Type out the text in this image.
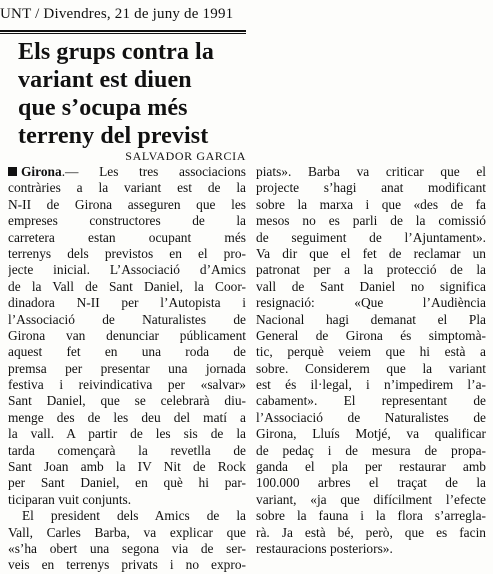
UNT / Divendres, 21 de juny de 1991
Els grups contra la
variant est diuen
que s’ocupa més
terreny del previst
SALVADOR GARCIA
Girona.— Les tres associacions
contràries a la variant est de la
N-II de Girona asseguren que les
empreses constructores de la
carretera estan ocupant més
terrenys dels previstos en el pro-
jecte inicial. L’Associació d’Amics
de la Vall de Sant Daniel, la Coor-
dinadora N-II per l’Autopista i
l’Associació de Naturalistes de
Girona van denunciar públicament
aquest fet en una roda de
premsa per presentar una jornada
festiva i reivindicativa per «salvar»
Sant Daniel, que se celebrarà diu-
menge des de les deu del matí a
la vall. A partir de les sis de la
tarda començarà la revetlla de
Sant Joan amb la IV Nit de Rock
per Sant Daniel, en què hi par-
ticiparan vuit conjunts.
El president dels Amics de la
Vall, Carles Barba, va explicar que
«s’ha obert una segona via de ser-
veis en terrenys privats i no expro-
piats». Barba va criticar que el
projecte s’hagi anat modificant
sobre la marxa i que «des de fa
mesos no es parli de la comissió
de seguiment de l’Ajuntament».
Va dir que el fet de reclamar un
patronat per a la protecció de la
vall de Sant Daniel no significa
resignació: «Que l’Audiència
Nacional hagi demanat el Pla
General de Girona és simptomà-
tic, perquè veiem que hi està a
sobre. Considerem que la variant
est és il·legal, i n’impedirem l’a-
cabament». El representant de
l’Associació de Naturalistes de
Girona, Lluís Motjé, va qualificar
de pedaç i de mesura de propa-
ganda el pla per restaurar amb
100.000 arbres el traçat de la
variant, «ja que difícilment l’efecte
sobre la fauna i la flora s’arregla-
rà. Ja està bé, però, que es facin
restauracions posteriors».
